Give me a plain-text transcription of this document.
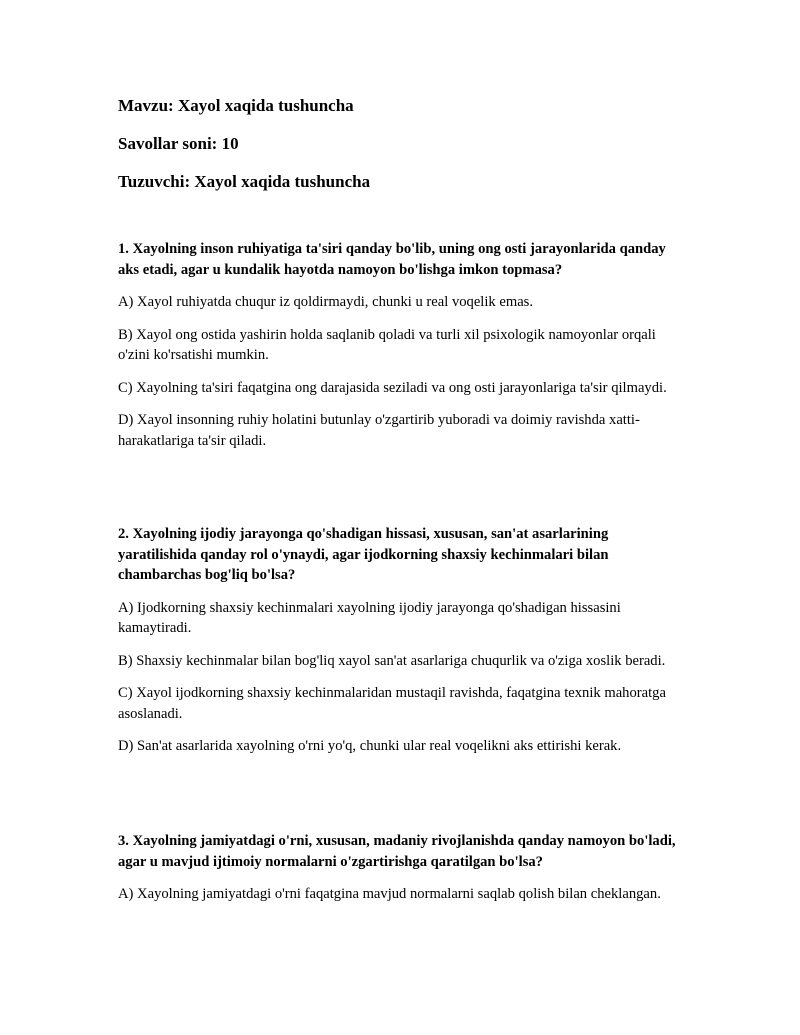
Mavzu: Xayol xaqida tushuncha
Savollar soni: 10
Tuzuvchi: Xayol xaqida tushuncha

1. Xayolning inson ruhiyatiga ta'siri qanday bo'lib, uning ong osti jarayonlarida qanday aks etadi, agar u kundalik hayotda namoyon bo'lishga imkon topmasa?

A) Xayol ruhiyatda chuqur iz qoldirmaydi, chunki u real voqelik emas.

B) Xayol ong ostida yashirin holda saqlanib qoladi va turli xil psixologik namoyonlar orqali o'zini ko'rsatishi mumkin.

C) Xayolning ta'siri faqatgina ong darajasida seziladi va ong osti jarayonlariga ta'sir qilmaydi.

D) Xayol insonning ruhiy holatini butunlay o'zgartirib yuboradi va doimiy ravishda xatti-harakatlariga ta'sir qiladi.

2. Xayolning ijodiy jarayonga qo'shadigan hissasi, xususan, san'at asarlarining yaratilishida qanday rol o'ynaydi, agar ijodkorning shaxsiy kechinmalari bilan chambarchas bog'liq bo'lsa?

A) Ijodkorning shaxsiy kechinmalari xayolning ijodiy jarayonga qo'shadigan hissasini kamaytiradi.

B) Shaxsiy kechinmalar bilan bog'liq xayol san'at asarlariga chuqurlik va o'ziga xoslik beradi.

C) Xayol ijodkorning shaxsiy kechinmalaridan mustaqil ravishda, faqatgina texnik mahoratga asoslanadi.

D) San'at asarlarida xayolning o'rni yo'q, chunki ular real voqelikni aks ettirishi kerak.

3. Xayolning jamiyatdagi o'rni, xususan, madaniy rivojlanishda qanday namoyon bo'ladi, agar u mavjud ijtimoiy normalarni o'zgartirishga qaratilgan bo'lsa?

A) Xayolning jamiyatdagi o'rni faqatgina mavjud normalarni saqlab qolish bilan cheklangan.
